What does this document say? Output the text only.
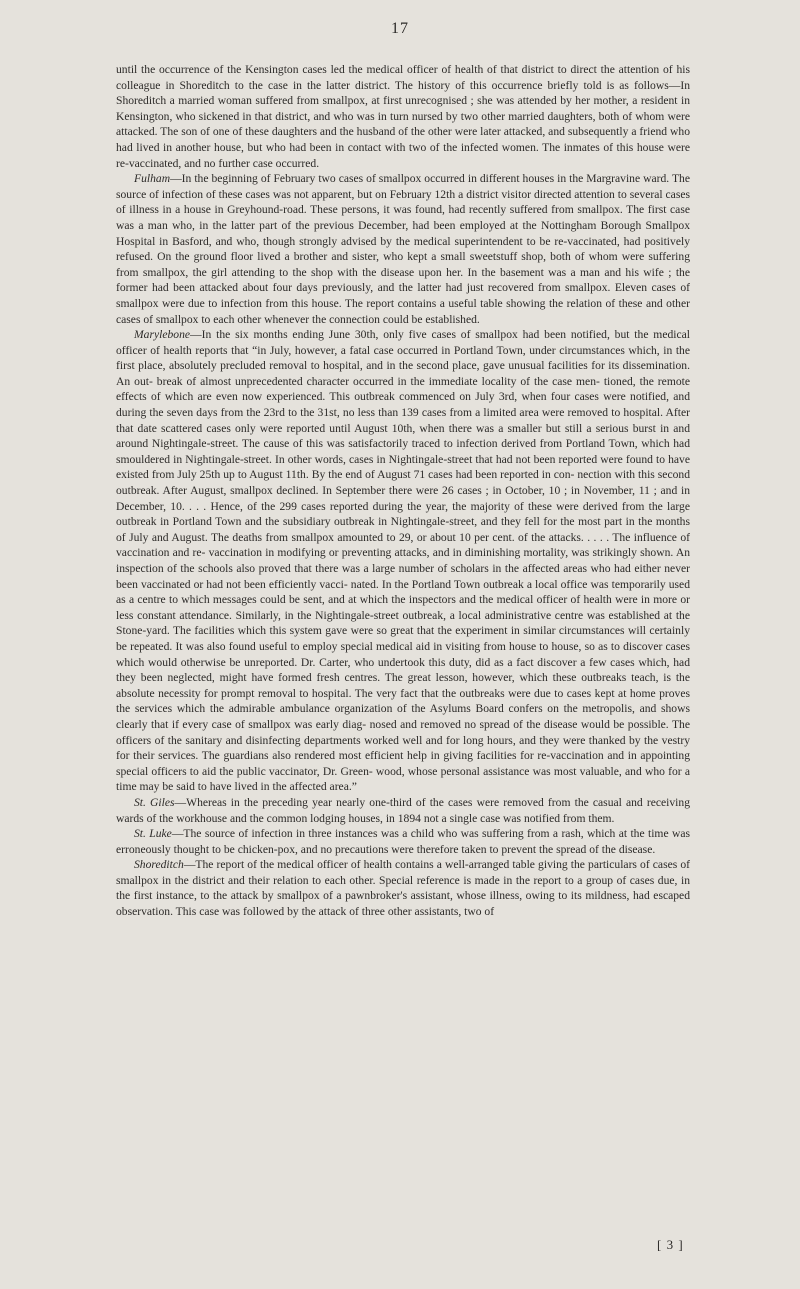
17

until the occurrence of the Kensington cases led the medical officer of health of that district to direct the attention of his colleague in Shoreditch to the case in the latter district. The history of this occurrence briefly told is as follows—In Shoreditch a married woman suffered from smallpox, at first unrecognised ; she was attended by her mother, a resident in Kensington, who sickened in that district, and who was in turn nursed by two other married daughters, both of whom were attacked. The son of one of these daughters and the husband of the other were later attacked, and subsequently a friend who had lived in another house, but who had been in contact with two of the infected women. The inmates of this house were re-vaccinated, and no further case occurred.

Fulham—In the beginning of February two cases of smallpox occurred in different houses in the Margravine ward. The source of infection of these cases was not apparent, but on February 12th a district visitor directed attention to several cases of illness in a house in Greyhound-road. These persons, it was found, had recently suffered from smallpox. The first case was a man who, in the latter part of the previous December, had been employed at the Nottingham Borough Smallpox Hospital in Basford, and who, though strongly advised by the medical superintendent to be re-vaccinated, had positively refused. On the ground floor lived a brother and sister, who kept a small sweetstuff shop, both of whom were suffering from smallpox, the girl attending to the shop with the disease upon her. In the basement was a man and his wife ; the former had been attacked about four days previously, and the latter had just recovered from smallpox. Eleven cases of smallpox were due to infection from this house. The report contains a useful table showing the relation of these and other cases of smallpox to each other whenever the connection could be established.

Marylebone—In the six months ending June 30th, only five cases of smallpox had been notified, but the medical officer of health reports that “in July, however, a fatal case occurred in Portland Town, under circumstances which, in the first place, absolutely precluded removal to hospital, and in the second place, gave unusual facilities for its dissemination. An out- break of almost unprecedented character occurred in the immediate locality of the case men- tioned, the remote effects of which are even now experienced. This outbreak commenced on July 3rd, when four cases were notified, and during the seven days from the 23rd to the 31st, no less than 139 cases from a limited area were removed to hospital. After that date scattered cases only were reported until August 10th, when there was a smaller but still a serious burst in and around Nightingale-street. The cause of this was satisfactorily traced to infection derived from Portland Town, which had smouldered in Nightingale-street. In other words, cases in Nightingale-street that had not been reported were found to have existed from July 25th up to August 11th. By the end of August 71 cases had been reported in con- nection with this second outbreak. After August, smallpox declined. In September there were 26 cases ; in October, 10 ; in November, 11 ; and in December, 10. . . . Hence, of the 299 cases reported during the year, the majority of these were derived from the large outbreak in Portland Town and the subsidiary outbreak in Nightingale-street, and they fell for the most part in the months of July and August. The deaths from smallpox amounted to 29, or about 10 per cent. of the attacks. . . . . The influence of vaccination and re- vaccination in modifying or preventing attacks, and in diminishing mortality, was strikingly shown. An inspection of the schools also proved that there was a large number of scholars in the affected areas who had either never been vaccinated or had not been efficiently vacci- nated. In the Portland Town outbreak a local office was temporarily used as a centre to which messages could be sent, and at which the inspectors and the medical officer of health were in more or less constant attendance. Similarly, in the Nightingale-street outbreak, a local administrative centre was established at the Stone-yard. The facilities which this system gave were so great that the experiment in similar circumstances will certainly be repeated. It was also found useful to employ special medical aid in visiting from house to house, so as to discover cases which would otherwise be unreported. Dr. Carter, who undertook this duty, did as a fact discover a few cases which, had they been neglected, might have formed fresh centres. The great lesson, however, which these outbreaks teach, is the absolute necessity for prompt removal to hospital. The very fact that the outbreaks were due to cases kept at home proves the services which the admirable ambulance organization of the Asylums Board confers on the metropolis, and shows clearly that if every case of smallpox was early diag- nosed and removed no spread of the disease would be possible. The officers of the sanitary and disinfecting departments worked well and for long hours, and they were thanked by the vestry for their services. The guardians also rendered most efficient help in giving facilities for re-vaccination and in appointing special officers to aid the public vaccinator, Dr. Green- wood, whose personal assistance was most valuable, and who for a time may be said to have lived in the affected area.”

St. Giles—Whereas in the preceding year nearly one-third of the cases were removed from the casual and receiving wards of the workhouse and the common lodging houses, in 1894 not a single case was notified from them.

St. Luke—The source of infection in three instances was a child who was suffering from a rash, which at the time was erroneously thought to be chicken-pox, and no precautions were therefore taken to prevent the spread of the disease.

Shoreditch—The report of the medical officer of health contains a well-arranged table giving the particulars of cases of smallpox in the district and their relation to each other. Special reference is made in the report to a group of cases due, in the first instance, to the attack by smallpox of a pawnbroker's assistant, whose illness, owing to its mildness, had escaped observation. This case was followed by the attack of three other assistants, two of

[ 3 ]
